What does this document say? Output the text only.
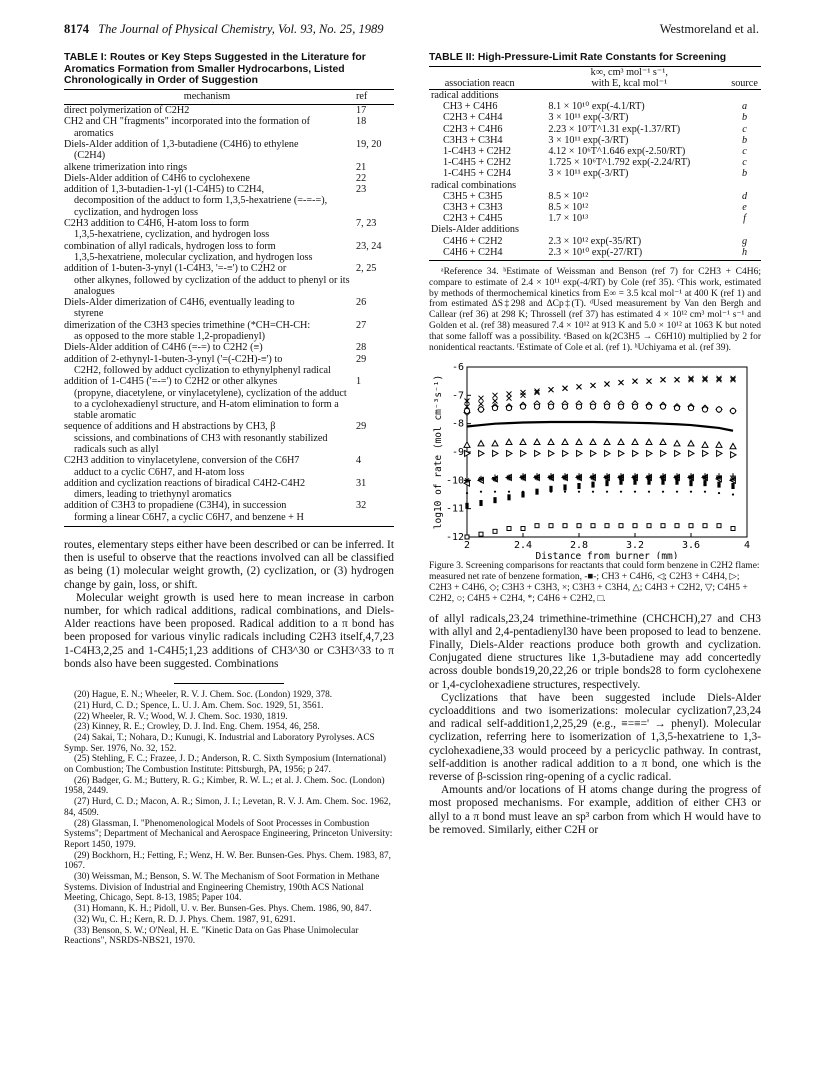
8174 The Journal of Physical Chemistry, Vol. 93, No. 25, 1989	Westmoreland et al.
TABLE I: Routes or Key Steps Suggested in the Literature for Aromatics Formation from Smaller Hydrocarbons, Listed Chronologically in Order of Suggestion
mechanism	ref
direct polymerization of C2H2	17
CH2 and CH "fragments" incorporated into the formation of
aromatics	18
Diels-Alder addition of 1,3-butadiene (C4H6) to ethylene
(C2H4)	19, 20
alkene trimerization into rings	21
Diels-Alder addition of C4H6 to cyclohexene	22
addition of 1,3-butadien-1-yl (1-C4H5) to C2H4,
decomposition of the adduct to form 1,3,5-hexatriene (=-=-=), cyclization, and hydrogen loss	23
C2H3 addition to C4H6, H-atom loss to form
1,3,5-hexatriene, cyclization, and hydrogen loss	7, 23
combination of allyl radicals, hydrogen loss to form
1,3,5-hexatriene, molecular cyclization, and hydrogen loss	23, 24
addition of 1-buten-3-ynyl (1-C4H3, '=-≡') to C2H2 or
other alkynes, followed by cyclization of the adduct to phenyl or its analogues	2, 25
Diels-Alder dimerization of C4H6, eventually leading to
styrene	26
dimerization of the C3H3 species trimethine (*CH=CH-CH:
as opposed to the more stable 1,2-propadienyl)	27
Diels-Alder addition of C4H6 (=-=) to C2H2 (≡)	28
addition of 2-ethynyl-1-buten-3-ynyl ('=(-C2H)-≡') to
C2H2, followed by adduct cyclization to ethynylphenyl radical	29
addition of 1-C4H5 ('=-=') to C2H2 or other alkynes
(propyne, diacetylene, or vinylacetylene), cyclization of the adduct to a cyclohexadienyl structure, and H-atom elimination to form a stable aromatic	1
sequence of additions and H abstractions by CH3, β
scissions, and combinations of CH3 with resonantly stabilized radicals such as allyl	29
C2H3 addition to vinylacetylene, conversion of the C6H7
adduct to a cyclic C6H7, and H-atom loss	4
addition and cyclization reactions of biradical C4H2-C4H2
dimers, leading to triethynyl aromatics	31
addition of C3H3 to propadiene (C3H4), in succession
forming a linear C6H7, a cyclic C6H7, and benzene + H	32

routes, elementary steps either have been described or can be inferred. It then is useful to observe that the reactions involved can all be classified as being (1) molecular weight growth, (2) cyclization, or (3) hydrogen change by gain, loss, or shift.

Molecular weight growth is used here to mean increase in carbon number, for which radical additions, radical combinations, and Diels-Alder reactions have been proposed. Radical addition to a π bond has been proposed for various vinylic radicals including C2H3 itself,4,7,23 1-C4H3,2,25 and 1-C4H5;1,23 additions of CH3^30 or C3H3^33 to π bonds also have been suggested. Combinations

(20) Hague, E. N.; Wheeler, R. V. J. Chem. Soc. (London) 1929, 378.
(21) Hurd, C. D.; Spence, L. U. J. Am. Chem. Soc. 1929, 51, 3561.
(22) Wheeler, R. V.; Wood, W. J. Chem. Soc. 1930, 1819.
(23) Kinney, R. E.; Crowley, D. J. Ind. Eng. Chem. 1954, 46, 258.
(24) Sakai, T.; Nohara, D.; Kunugi, K. Industrial and Laboratory Pyrolyses. ACS Symp. Ser. 1976, No. 32, 152.
(25) Stehling, F. C.; Frazee, J. D.; Anderson, R. C. Sixth Symposium (International) on Combustion; The Combustion Institute: Pittsburgh, PA, 1956; p 247.
(26) Badger, G. M.; Buttery, R. G.; Kimber, R. W. L.; et al. J. Chem. Soc. (London) 1958, 2449.
(27) Hurd, C. D.; Macon, A. R.; Simon, J. I.; Levetan, R. V. J. Am. Chem. Soc. 1962, 84, 4509.
(28) Glassman, I. "Phenomenological Models of Soot Processes in Combustion Systems"; Department of Mechanical and Aerospace Engineering, Princeton University: Report 1450, 1979.
(29) Bockhorn, H.; Fetting, F.; Wenz, H. W. Ber. Bunsen-Ges. Phys. Chem. 1983, 87, 1067.
(30) Weissman, M.; Benson, S. W. The Mechanism of Soot Formation in Methane Systems. Division of Industrial and Engineering Chemistry, 190th ACS National Meeting, Chicago, Sept. 8-13, 1985; Paper 104.
(31) Homann, K. H.; Pidoll, U. v. Ber. Bunsen-Ges. Phys. Chem. 1986, 90, 847.
(32) Wu, C. H.; Kern, R. D. J. Phys. Chem. 1987, 91, 6291.
(33) Benson, S. W.; O'Neal, H. E. "Kinetic Data on Gas Phase Unimolecular Reactions", NSRDS-NBS21, 1970.
TABLE II: High-Pressure-Limit Rate Constants for Screening
association reacn	k∞, cm³ mol⁻¹ s⁻¹,
with E, kcal mol⁻¹	source
radical additions		
CH3 + C4H6	8.1 × 10¹⁰ exp(-4.1/RT)	a
C2H3 + C4H4	3 × 10¹¹ exp(-3/RT)	b
C2H3 + C4H6	2.23 × 10⁷T^1.31 exp(-1.37/RT)	c
C3H3 + C3H4	3 × 10¹¹ exp(-3/RT)	b
1-C4H3 + C2H2	4.12 × 10⁶T^1.646 exp(-2.50/RT)	c
1-C4H5 + C2H2	1.725 × 10⁶T^1.792 exp(-2.24/RT)	c
1-C4H5 + C2H4	3 × 10¹¹ exp(-3/RT)	b
radical combinations		
C3H5 + C3H5	8.5 × 10¹²	d
C3H3 + C3H3	8.5 × 10¹²	e
C2H3 + C4H5	1.7 × 10¹³	f
Diels-Alder additions		
C4H6 + C2H2	2.3 × 10¹² exp(-35/RT)	g
C4H6 + C2H4	2.3 × 10¹⁰ exp(-27/RT)	h
ᵃReference 34. ᵇEstimate of Weissman and Benson (ref 7) for C2H3 + C4H6; compare to estimate of 2.4 × 10¹¹ exp(-4/RT) by Cole (ref 35). ᶜThis work, estimated by methods of thermochemical kinetics from E∞ = 3.5 kcal mol⁻¹ at 400 K (ref 1) and from estimated ΔS‡298 and ΔCp‡(T). ᵈUsed measurement by Van den Bergh and Callear (ref 36) at 298 K; Throssell (ref 37) has estimated 4 × 10¹² cm³ mol⁻¹ s⁻¹ and Golden et al. (ref 38) measured 7.4 × 10¹² at 913 K and 5.0 × 10¹² at 1063 K but noted that some falloff was a possibility. ᵉBased on k(2C3H5 → C6H10) multiplied by 2 for nonidentical reactants. ᶠEstimate of Cole et al. (ref 1). ʰUchiyama et al. (ref 39).
2	2.4	2.8	3.2	3.6	4
-6
-7
-8
-9
-10
-11
-12
Distance from burner (mm)
log10 of rate (mol cm⁻³s⁻¹)
Figure 3. Screening comparisons for reactants that could form benzene in C2H2 flame: measured net rate of benzene formation, -■-; CH3 + C4H6, ◁; C2H3 + C4H4, ▷; C2H3 + C4H6, ◇; C3H3 + C3H3, ×; C3H3 + C3H4, △; C4H3 + C2H2, ▽; C4H5 + C2H2, ○; C4H5 + C2H4, *; C4H6 + C2H2, □.

of allyl radicals,23,24 trimethine-trimethine (CHCHCH),27 and CH3 with allyl and 2,4-pentadienyl30 have been proposed to lead to benzene. Finally, Diels-Alder reactions produce both growth and cyclization. Conjugated diene structures like 1,3-butadiene may add concertedly across double bonds19,20,22,26 or triple bonds28 to form cyclohexene or 1,4-cyclohexadiene structures, respectively.

Cyclizations that have been suggested include Diels-Alder cycloadditions and two isomerizations: molecular cyclization7,23,24 and radical self-addition1,2,25,29 (e.g., ≡=≡=' → phenyl). Molecular cyclization, referring here to isomerization of 1,3,5-hexatriene to 1,3-cyclohexadiene,33 would proceed by a pericyclic pathway. In contrast, self-addition is another radical addition to a π bond, one which is the reverse of β-scission ring-opening of a cyclic radical.

Amounts and/or locations of H atoms change during the progress of most proposed mechanisms. For example, addition of either CH3 or allyl to a π bond must leave an sp³ carbon from which H would have to be removed. Similarly, either C2H or
